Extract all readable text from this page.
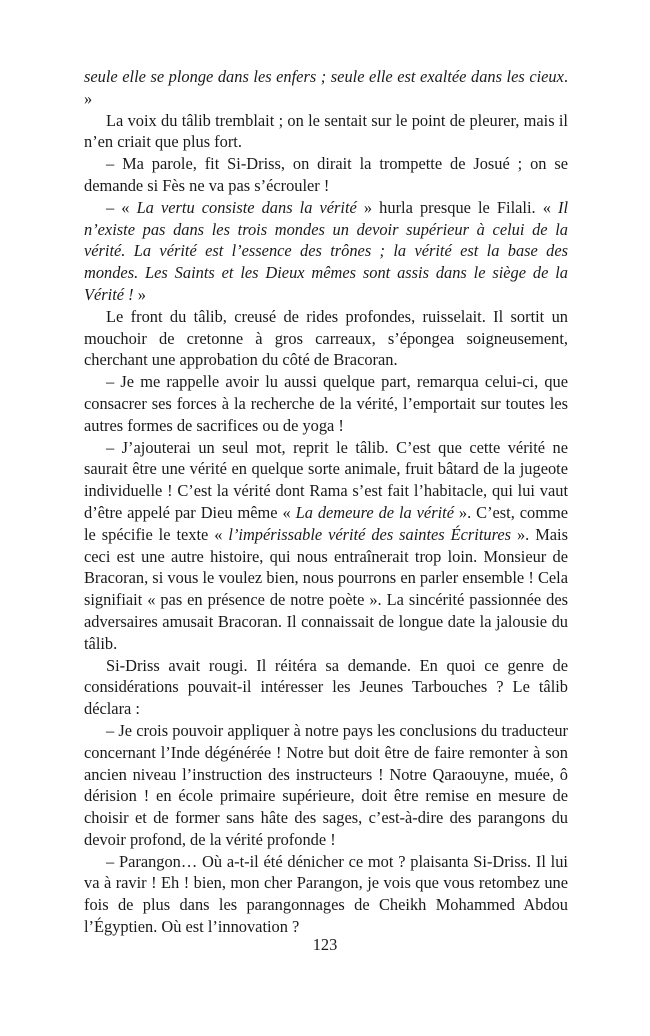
seule elle se plonge dans les enfers ; seule elle est exaltée dans les cieux. »

La voix du tâlib tremblait ; on le sentait sur le point de pleurer, mais il n’en criait que plus fort.

– Ma parole, fit Si-Driss, on dirait la trompette de Josué ; on se demande si Fès ne va pas s’écrouler !

– « La vertu consiste dans la vérité » hurla presque le Filali. « Il n’existe pas dans les trois mondes un devoir supérieur à celui de la vérité. La vérité est l’essence des trônes ; la vérité est la base des mondes. Les Saints et les Dieux mêmes sont assis dans le siège de la Vérité ! »

Le front du tâlib, creusé de rides profondes, ruisselait. Il sortit un mouchoir de cretonne à gros carreaux, s’épongea soigneusement, cherchant une approbation du côté de Bracoran.

– Je me rappelle avoir lu aussi quelque part, remarqua celui-ci, que consacrer ses forces à la recherche de la vérité, l’emportait sur toutes les autres formes de sacrifices ou de yoga !

– J’ajouterai un seul mot, reprit le tâlib. C’est que cette vérité ne saurait être une vérité en quelque sorte animale, fruit bâtard de la jugeote individuelle ! C’est la vérité dont Rama s’est fait l’habitacle, qui lui vaut d’être appelé par Dieu même « La demeure de la vérité ». C’est, comme le spécifie le texte « l’impérissable vérité des saintes Écritures ». Mais ceci est une autre histoire, qui nous entraînerait trop loin. Monsieur de Bracoran, si vous le voulez bien, nous pourrons en parler ensemble ! Cela signifiait « pas en présence de notre poète ». La sincérité passionnée des adversaires amusait Bracoran. Il connaissait de longue date la jalousie du tâlib.

Si-Driss avait rougi. Il réitéra sa demande. En quoi ce genre de considérations pouvait-il intéresser les Jeunes Tarbouches ? Le tâlib déclara :

– Je crois pouvoir appliquer à notre pays les conclusions du traducteur concernant l’Inde dégénérée ! Notre but doit être de faire remonter à son ancien niveau l’instruction des instructeurs ! Notre Qaraouyne, muée, ô dérision ! en école primaire supérieure, doit être remise en mesure de choisir et de former sans hâte des sages, c’est-à-dire des parangons du devoir profond, de la vérité profonde !

– Parangon… Où a-t-il été dénicher ce mot ? plaisanta Si-Driss. Il lui va à ravir ! Eh ! bien, mon cher Parangon, je vois que vous retombez une fois de plus dans les parangonnages de Cheikh Mohammed Abdou l’Égyptien. Où est l’innovation ?

123
